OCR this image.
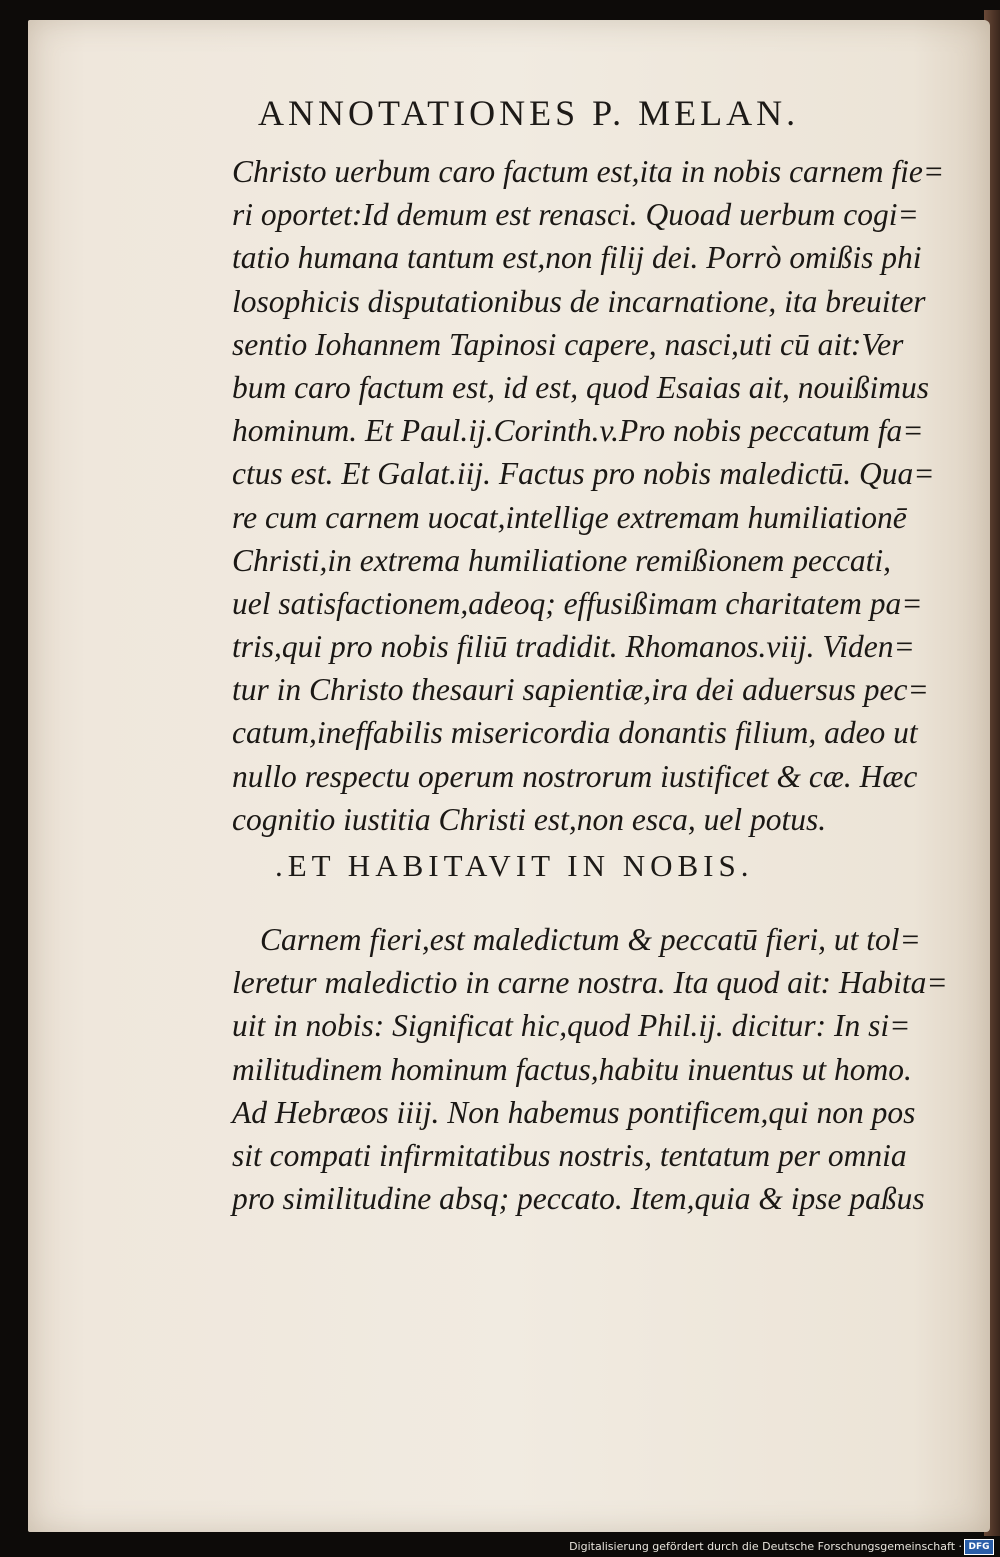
ANNOTATIONES P. MELAN.
Christo uerbum caro factum est,ita in nobis carnem fie=
ri oportet:Id demum est renasci. Quoad uerbum cogi=
tatio humana tantum est,non filij dei. Porrò omißis phi
losophicis disputationibus de incarnatione, ita breuiter
sentio Iohannem Tapinosi capere, nasci,uti cū ait:Ver
bum caro factum est, id est, quod Esaias ait, nouißimus
hominum. Et Paul.ij.Corinth.v.Pro nobis peccatum fa=
ctus est. Et Galat.iij. Factus pro nobis maledictū. Qua=
re cum carnem uocat,intellige extremam humiliationē
Christi,in extrema humiliatione remißionem peccati,
uel satisfactionem,adeoq; effusißimam charitatem pa=
tris,qui pro nobis filiū tradidit. Rhomanos.viij. Viden=
tur in Christo thesauri sapientiæ,ira dei aduersus pec=
catum,ineffabilis misericordia donantis filium, adeo ut
nullo respectu operum nostrorum iustificet & cæ. Hæc
cognitio iustitia Christi est,non esca, uel potus.
.ET HABITAVIT IN NOBIS.
Carnem fieri,est maledictum & peccatū fieri, ut tol=
leretur maledictio in carne nostra. Ita quod ait: Habita=
uit in nobis: Significat hic,quod Phil.ij. dicitur: In si=
militudinem hominum factus,habitu inuentus ut homo.
Ad Hebræos iiij. Non habemus pontificem,qui non pos
sit compati infirmitatibus nostris, tentatum per omnia
pro similitudine absq; peccato. Item,quia & ipse paßus
Digitalisierung gefördert durch die Deutsche Forschungsgemeinschaft · DFG
